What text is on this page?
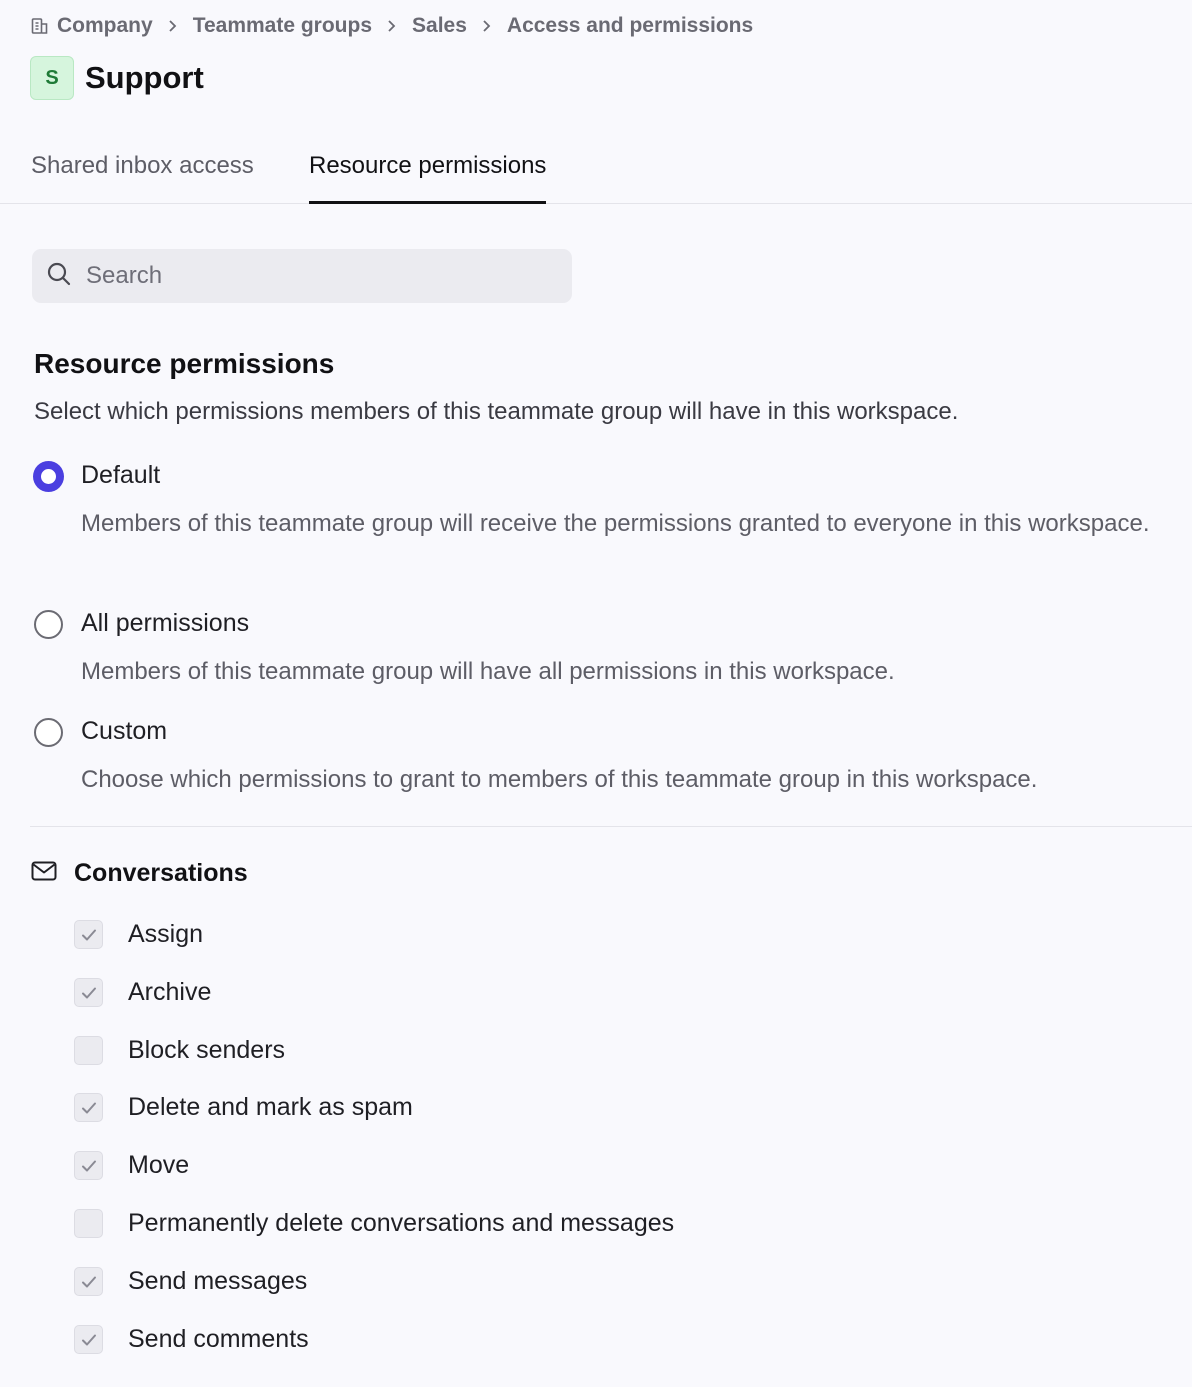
Company Teammate groups Sales Access and permissions
S Support
Shared inbox access Resource permissions
Search
Resource permissions

Select which permissions members of this teammate group will have in this workspace.

Default

Members of this teammate group will receive the permissions granted to everyone in this workspace.

All permissions

Members of this teammate group will have all permissions in this workspace.

Custom

Choose which permissions to grant to members of this teammate group in this workspace.

Conversations
Assign
Archive
Block senders
Delete and mark as spam
Move
Permanently delete conversations and messages
Send messages
Send comments
